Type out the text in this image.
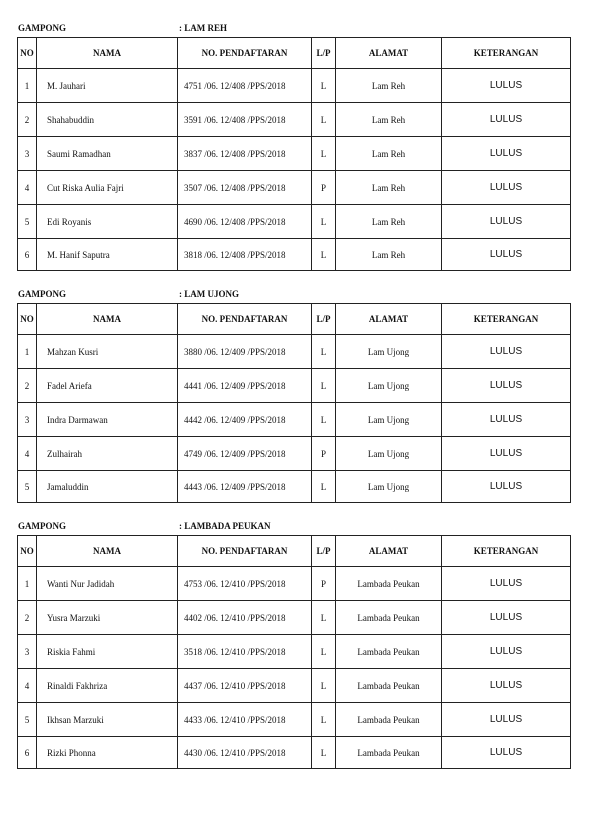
GAMPONG	: LAM REH
NO	NAMA	NO. PENDAFTARAN	L/P	ALAMAT	KETERANGAN
1	M. Jauhari	4751 /06. 12/408 /PPS/2018	L	Lam Reh	LULUS
2	Shahabuddin	3591 /06. 12/408 /PPS/2018	L	Lam Reh	LULUS
3	Saumi Ramadhan	3837 /06. 12/408 /PPS/2018	L	Lam Reh	LULUS
4	Cut Riska Aulia Fajri	3507 /06. 12/408 /PPS/2018	P	Lam Reh	LULUS
5	Edi Royanis	4690 /06. 12/408 /PPS/2018	L	Lam Reh	LULUS
6	M. Hanif Saputra	3818 /06. 12/408 /PPS/2018	L	Lam Reh	LULUS
GAMPONG	: LAM UJONG
NO	NAMA	NO. PENDAFTARAN	L/P	ALAMAT	KETERANGAN
1	Mahzan Kusri	3880 /06. 12/409 /PPS/2018	L	Lam Ujong	LULUS
2	Fadel Ariefa	4441 /06. 12/409 /PPS/2018	L	Lam Ujong	LULUS
3	Indra Darmawan	4442 /06. 12/409 /PPS/2018	L	Lam Ujong	LULUS
4	Zulhairah	4749 /06. 12/409 /PPS/2018	P	Lam Ujong	LULUS
5	Jamaluddin	4443 /06. 12/409 /PPS/2018	L	Lam Ujong	LULUS
GAMPONG	: LAMBADA PEUKAN
NO	NAMA	NO. PENDAFTARAN	L/P	ALAMAT	KETERANGAN
1	Wanti Nur Jadidah	4753 /06. 12/410 /PPS/2018	P	Lambada Peukan	LULUS
2	Yusra Marzuki	4402 /06. 12/410 /PPS/2018	L	Lambada Peukan	LULUS
3	Riskia Fahmi	3518 /06. 12/410 /PPS/2018	L	Lambada Peukan	LULUS
4	Rinaldi Fakhriza	4437 /06. 12/410 /PPS/2018	L	Lambada Peukan	LULUS
5	Ikhsan Marzuki	4433 /06. 12/410 /PPS/2018	L	Lambada Peukan	LULUS
6	Rizki Phonna	4430 /06. 12/410 /PPS/2018	L	Lambada Peukan	LULUS
